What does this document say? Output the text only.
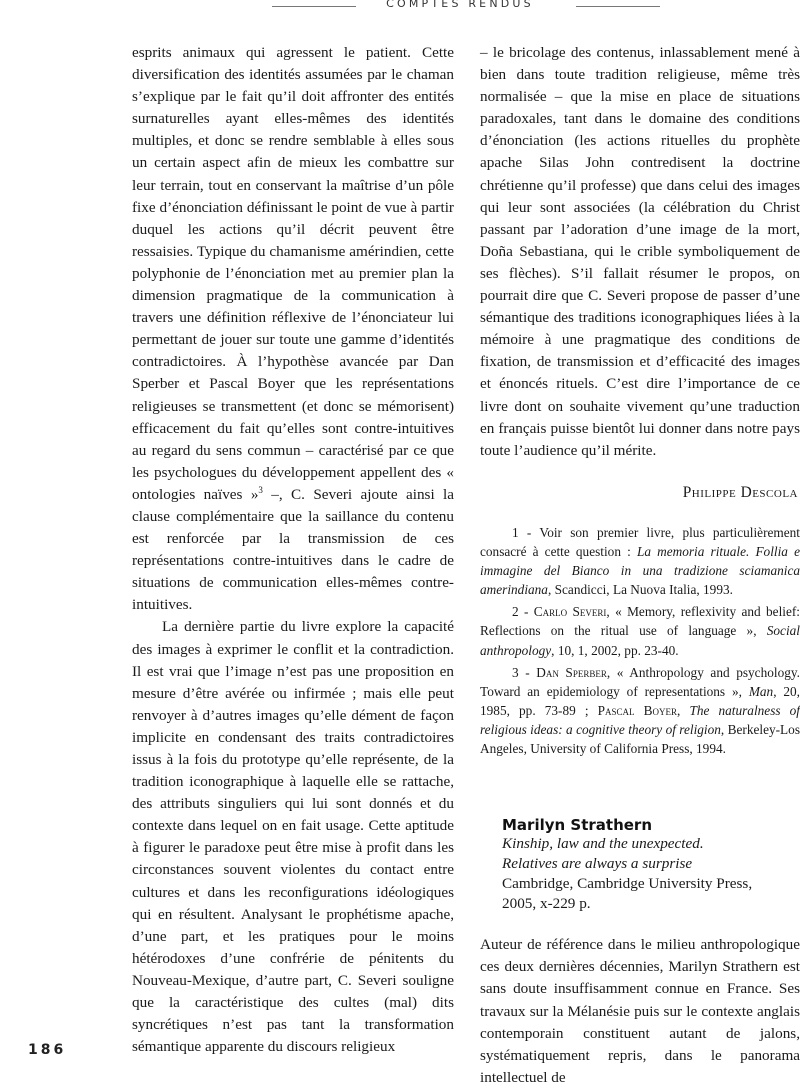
COMPTES RENDUS

esprits animaux qui agressent le patient. Cette diversification des identités assumées par le chaman s’explique par le fait qu’il doit affronter des entités surnaturelles ayant elles-mêmes des identités multiples, et donc se rendre semblable à elles sous un certain aspect afin de mieux les combattre sur leur terrain, tout en conservant la maîtrise d’un pôle fixe d’énonciation définissant le point de vue à partir duquel les actions qu’il décrit peuvent être ressaisies. Typique du chamanisme amérindien, cette polyphonie de l’énonciation met au premier plan la dimension pragmatique de la communication à travers une définition réflexive de l’énonciateur lui permettant de jouer sur toute une gamme d’identités contradictoires. À l’hypothèse avancée par Dan Sperber et Pascal Boyer que les représentations religieuses se transmettent (et donc se mémorisent) efficacement du fait qu’elles sont contre-intuitives au regard du sens commun – caractérisé par ce que les psychologues du développement appellent des « ontologies naïves »$^3$ –, C. Severi ajoute ainsi la clause complémentaire que la saillance du contenu est renforcée par la transmission de ces représentations contre-intuitives dans le cadre de situations de communication elles-mêmes contre-intuitives.

La dernière partie du livre explore la capacité des images à exprimer le conflit et la contradiction. Il est vrai que l’image n’est pas une proposition en mesure d’être avérée ou infirmée ; mais elle peut renvoyer à d’autres images qu’elle dément de façon implicite en condensant des traits contradictoires issus à la fois du prototype qu’elle représente, de la tradition iconographique à laquelle elle se rattache, des attributs singuliers qui lui sont donnés et du contexte dans lequel on en fait usage. Cette aptitude à figurer le paradoxe peut être mise à profit dans les circonstances souvent violentes du contact entre cultures et dans les reconfigurations idéologiques qui en résultent. Analysant le prophétisme apache, d’une part, et les pratiques pour le moins hétérodoxes d’une confrérie de pénitents du Nouveau-Mexique, d’autre part, C. Severi souligne que la caractéristique des cultes (mal) dits syncrétiques n’est pas tant la transformation sémantique apparente du discours religieux

– le bricolage des contenus, inlassablement mené à bien dans toute tradition religieuse, même très normalisée – que la mise en place de situations paradoxales, tant dans le domaine des conditions d’énonciation (les actions rituelles du prophète apache Silas John contredisent la doctrine chrétienne qu’il professe) que dans celui des images qui leur sont associées (la célébration du Christ passant par l’adoration d’une image de la mort, Doña Sebastiana, qui le crible symboliquement de ses flèches). S’il fallait résumer le propos, on pourrait dire que C. Severi propose de passer d’une sémantique des traditions iconographiques liées à la mémoire à une pragmatique des conditions de fixation, de transmission et d’efficacité des images et énoncés rituels. C’est dire l’importance de ce livre dont on souhaite vivement qu’une traduction en français puisse bientôt lui donner dans notre pays toute l’audience qu’il mérite.

Philippe Descola

1 - Voir son premier livre, plus particulièrement consacré à cette question : La memoria rituale. Follia e immagine del Bianco in una tradizione sciamanica amerindiana, Scandicci, La Nuova Italia, 1993.

2 - Carlo Severi, « Memory, reflexivity and belief: Reflections on the ritual use of language », Social anthropology, 10, 1, 2002, pp. 23-40.

3 - Dan Sperber, « Anthropology and psychology. Toward an epidemiology of representations », Man, 20, 1985, pp. 73-89 ; Pascal Boyer, The naturalness of religious ideas: a cognitive theory of religion, Berkeley-Los Angeles, University of California Press, 1994.

Marilyn Strathern
Kinship, law and the unexpected.
Relatives are always a surprise
Cambridge, Cambridge University Press,
2005, x-229 p.

Auteur de référence dans le milieu anthropologique ces deux dernières décennies, Marilyn Strathern est sans doute insuffisamment connue en France. Ses travaux sur la Mélanésie puis sur le contexte anglais contemporain constituent autant de jalons, systématiquement repris, dans le panorama intellectuel de

186
